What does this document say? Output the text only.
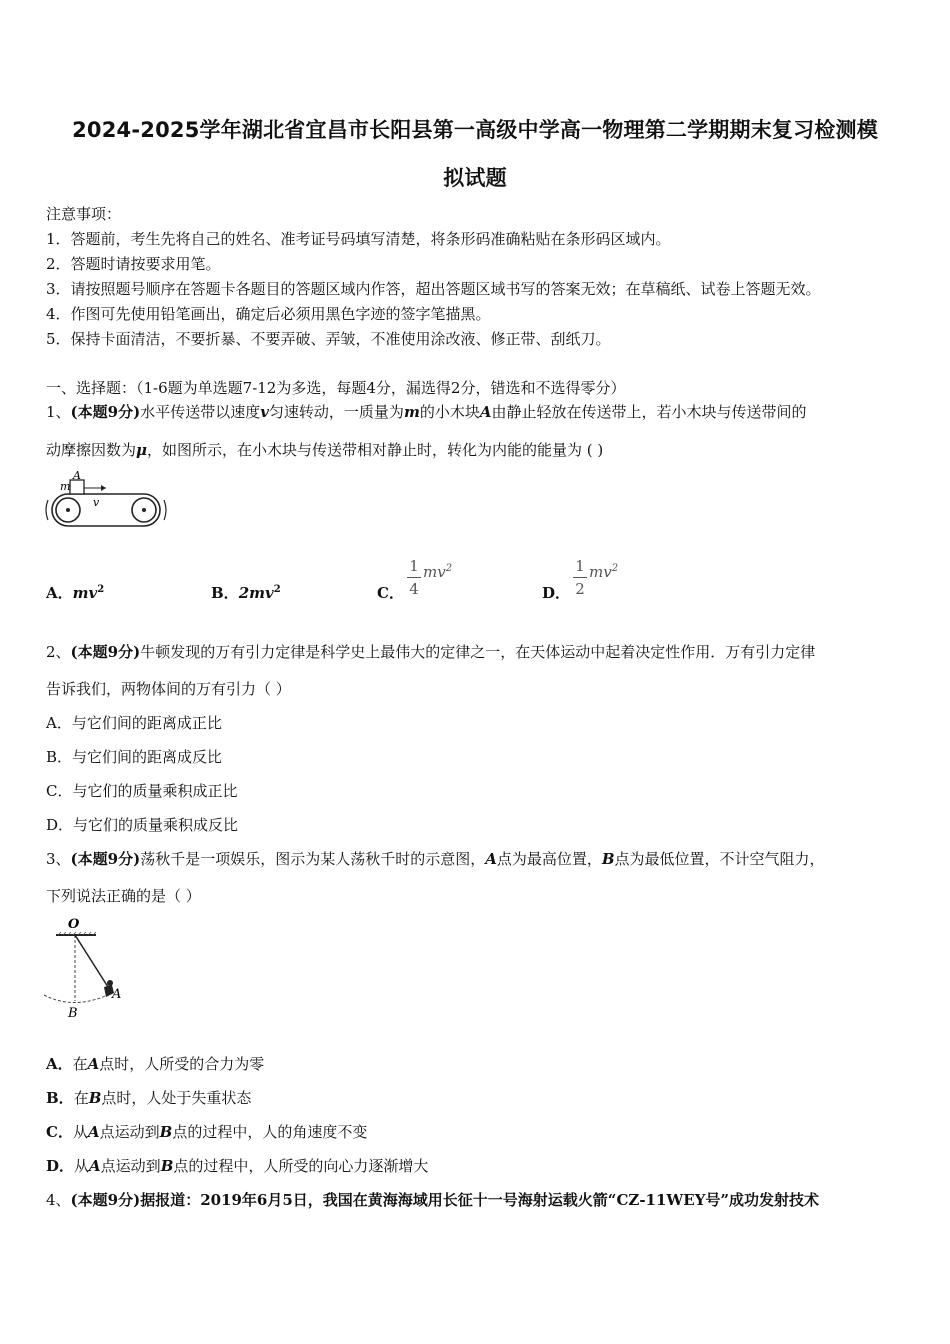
2024-2025学年湖北省宜昌市长阳县第一高级中学高一物理第二学期期末复习检测模
拟试题
注意事项：
1．答题前，考生先将自己的姓名、准考证号码填写清楚，将条形码准确粘贴在条形码区域内。
2．答题时请按要求用笔。
3．请按照题号顺序在答题卡各题目的答题区域内作答，超出答题区域书写的答案无效；在草稿纸、试卷上答题无效。
4．作图可先使用铅笔画出，确定后必须用黑色字迹的签字笔描黑。
5．保持卡面清洁，不要折暴、不要弄破、弄皱，不准使用涂改液、修正带、刮纸刀。
一、选择题：（1-6题为单选题7-12为多选，每题4分，漏选得2分，错选和不选得零分）
1、(本题9分)水平传送带以速度v匀速转动，一质量为m的小木块A由静止轻放在传送带上，若小木块与传送带间的
动摩擦因数为μ，如图所示，在小木块与传送带相对静止时，转化为内能的能量为 ( )
A
m
v
A．$mv^2$	B．$2mv^2$	C．
1
4
$mv^2$
D．
1
2
$mv^2$
2、(本题9分)牛顿发现的万有引力定律是科学史上最伟大的定律之一，在天体运动中起着决定性作用．万有引力定律
告诉我们，两物体间的万有引力（ ）
A．与它们间的距离成正比
B．与它们间的距离成反比
C．与它们的质量乘积成正比
D．与它们的质量乘积成反比
3、(本题9分)荡秋千是一项娱乐，图示为某人荡秋千时的示意图，A点为最高位置，B点为最低位置，不计空气阻力，
下列说法正确的是（ ）
O
A
B
A．在A点时，人所受的合力为零
B．在B点时，人处于失重状态
C．从A点运动到B点的过程中，人的角速度不变
D．从A点运动到B点的过程中，人所受的向心力逐渐增大
4、(本题9分)据报道：2019年6月5日，我国在黄海海域用长征十一号海射运载火箭“CZ-11WEY号”成功发射技术
